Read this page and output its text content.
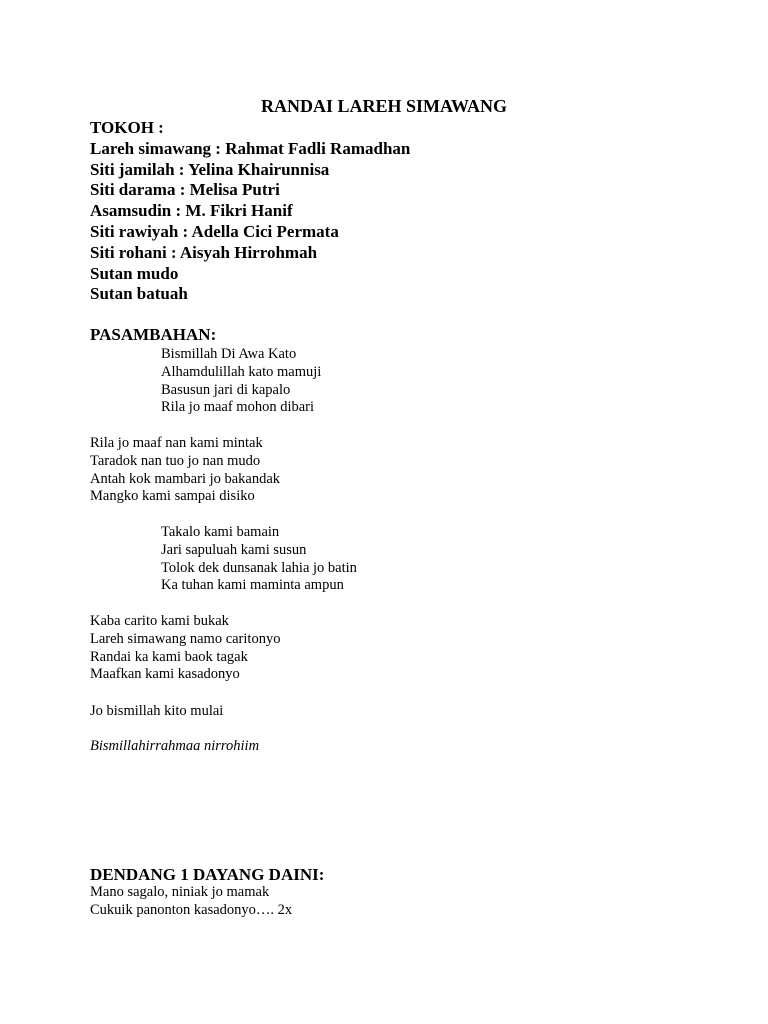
RANDAI LAREH SIMAWANG
TOKOH :
Lareh simawang : Rahmat Fadli Ramadhan
Siti jamilah : Yelina Khairunnisa
Siti darama : Melisa Putri
Asamsudin : M. Fikri Hanif
Siti rawiyah : Adella Cici Permata
Siti rohani : Aisyah Hirrohmah
Sutan mudo
Sutan batuah
PASAMBAHAN:
Bismillah Di Awa Kato
Alhamdulillah kato mamuji
Basusun jari di kapalo
Rila jo maaf mohon dibari
Rila jo maaf nan kami mintak
Taradok nan tuo jo nan mudo
Antah kok mambari jo bakandak
Mangko kami sampai disiko
Takalo kami bamain
Jari sapuluah kami susun
Tolok dek dunsanak lahia jo batin
Ka tuhan kami maminta ampun
Kaba carito kami bukak
Lareh simawang namo caritonyo
Randai ka kami baok tagak
Maafkan kami kasadonyo
Jo bismillah kito mulai
Bismillahirrahmaa nirrohiim
DENDANG 1 DAYANG DAINI:
Mano sagalo, niniak jo mamak
Cukuik panonton kasadonyo…. 2x
